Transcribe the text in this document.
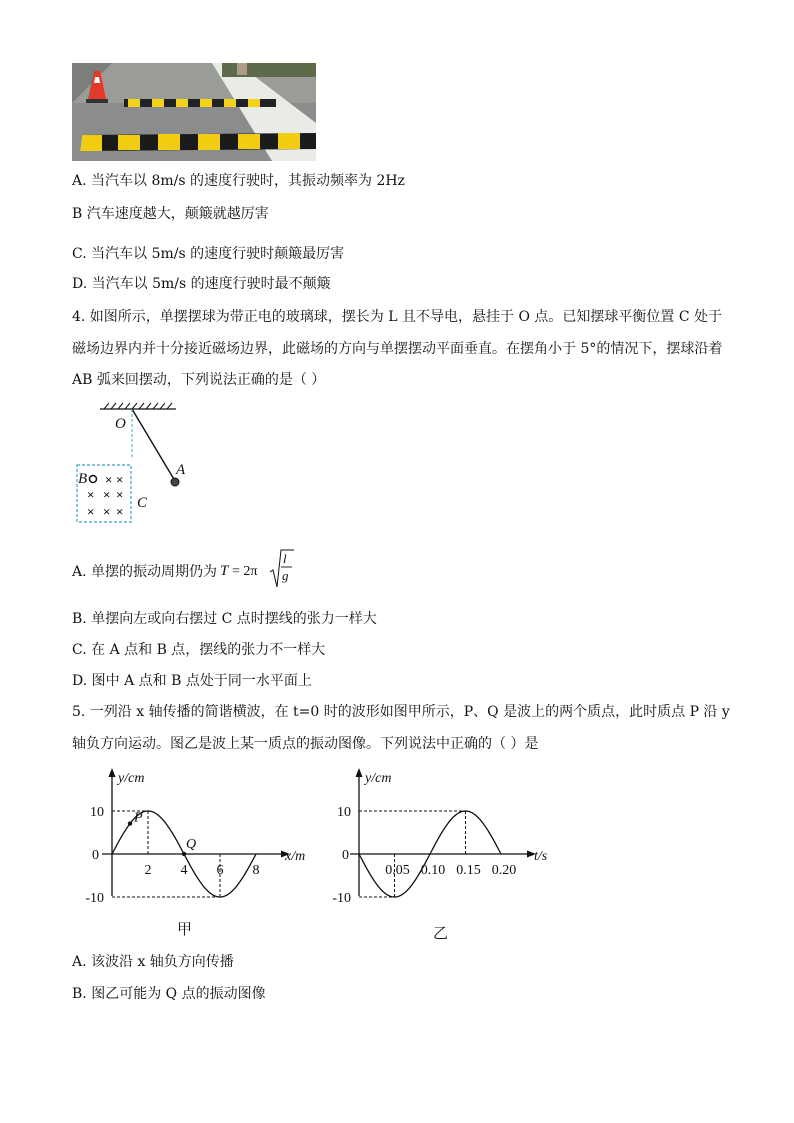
A. 当汽车以 8m/s 的速度行驶时，其振动频率为 2Hz
B 汽车速度越大，颠簸就越厉害
C. 当汽车以 5m/s 的速度行驶时颠簸最厉害
D. 当汽车以 5m/s 的速度行驶时最不颠簸
4. 如图所示，单摆摆球为带正电的玻璃球，摆长为 L 且不导电，悬挂于 O 点。已知摆球平衡位置 C 处于
磁场边界内并十分接近磁场边界，此磁场的方向与单摆摆动平面垂直。在摆角小于 5°的情况下，摆球沿着
AB 弧来回摆动，下列说法正确的是（ ）
O
A
B
C
× ×
× × ×
× × ×
A. 单摆的振动周期仍为 T = 2π
l
g
B. 单摆向左或向右摆过 C 点时摆线的张力一样大
C. 在 A 点和 B 点，摆线的张力不一样大
D. 图中 A 点和 B 点处于同一水平面上
5. 一列沿 x 轴传播的简谐横波，在 t=0 时的波形如图甲所示，P、Q 是波上的两个质点，此时质点 P 沿 y
轴负方向运动。图乙是波上某一质点的振动图像。下列说法中正确的（ ）是
y/cm
x/m
0
甲
10
-10
2 4 6 8
P
Q
y/cm
t/s
0
乙
10
-10
0.05 0.10 0.15 0.20
A. 该波沿 x 轴负方向传播
B. 图乙可能为 Q 点的振动图像
